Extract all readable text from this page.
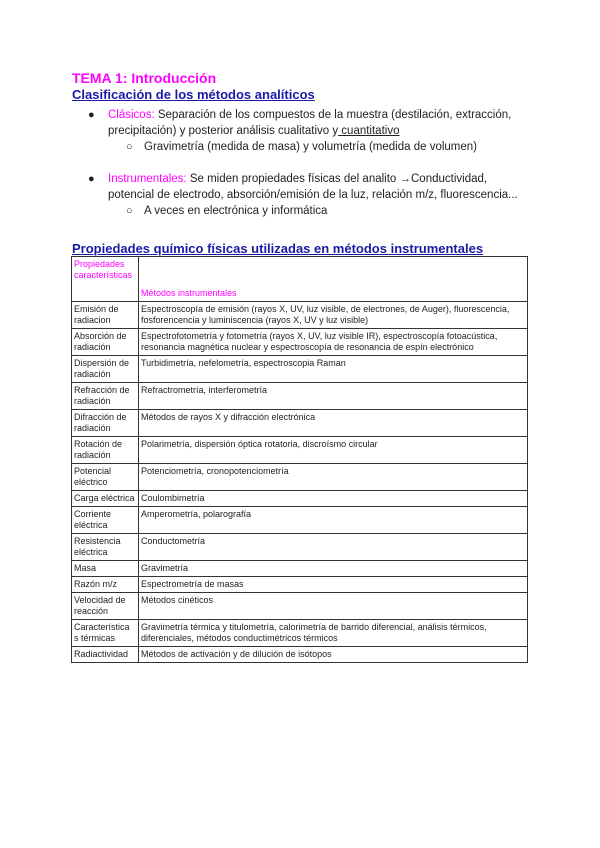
TEMA 1: Introducción

Clasificación de los métodos analíticos

● Clásicos: Separación de los compuestos de la muestra (destilación, extracción, precipitación) y posterior análisis cualitativo y cuantitativo
○ Gravimetría (medida de masa) y volumetría (medida de volumen)
● Instrumentales: Se miden propiedades físicas del analito →Conductividad, potencial de electrodo, absorción/emisión de la luz, relación m/z, fluorescencia...
○ A veces en electrónica y informática

Propiedades químico físicas utilizadas en métodos instrumentales

Propiedades características	Métodos instrumentales
Emisión de radiacion	Espectroscopía de emisión (rayos X, UV, luz visible, de electrones, de Auger), fluorescencia, fosforencencia y luminiscencia (rayos X, UV y luz visible)
Absorción de radiación	Espectrofotometría y fotometría (rayos X, UV, luz visible IR), espectroscopía fotoacústica, resonancia magnética nuclear y espectroscopía de resonancia de espín electrónico
Dispersión de radiación	Turbidimetría, nefelometría, espectroscopia Raman
Refracción de radiación	Refractrometría, interferometría
Difracción de radiación	Métodos de rayos X y difracción electrónica
Rotación de radiación	Polarimetría, dispersión óptica rotatoria, discroísmo circular
Potencial eléctrico	Potenciometría, cronopotenciometría
Carga eléctrica	Coulombimetría
Corriente eléctrica	Amperometría, polarografía
Resistencia eléctrica	Conductometría
Masa	Gravimetría
Razón m/z	Espectrometría de masas
Velocidad de reacción	Métodos cinéticos
Característica s térmicas	Gravimetría térmica y titulometría, calorimetría de barrido diferencial, análisis térmicos, diferenciales, métodos conductimétricos térmicos
Radiactividad	Métodos de activación y de dilución de isótopos
